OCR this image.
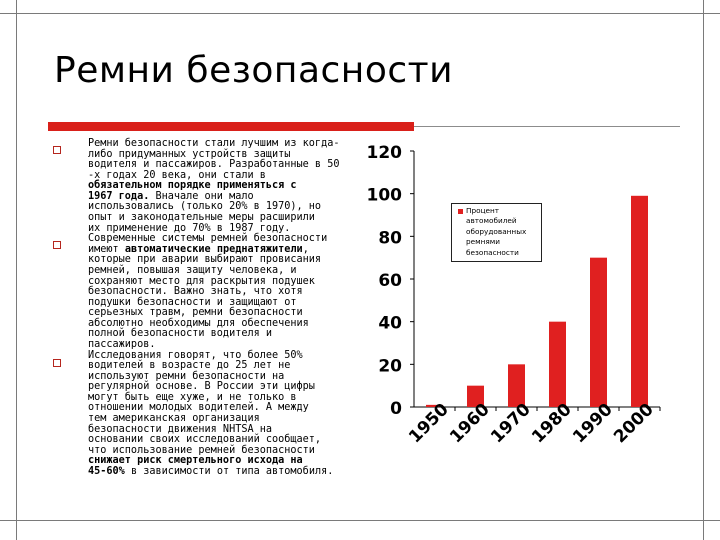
Ремни безопасности
Ремни безопасности стали лучшим из когда-
либо придуманных устройств защиты
водителя и пассажиров. Разработанные в 50
-х годах 20 века, они стали в
обязательном порядке применяться с
1967 года. Вначале они мало
использовались (только 20% в 1970), но
опыт и законодательные меры расширили
их применение до 70% в 1987 году.
Современные системы ремней безопасности
имеют автоматические преднатяжители,
которые при аварии выбирают провисания
ремней, повышая защиту человека, и
сохраняют место для раскрытия подушек
безопасности. Важно знать, что хотя
подушки безопасности и защищают от
серьезных травм, ремни безопасности
абсолютно необходимы для обеспечения
полной безопасности водителя и
пассажиров.
Исследования говорят, что более 50%
водителей в возрасте до 25 лет не
используют ремни безопасности на
регулярной основе. В России эти цифры
могут быть еще хуже, и не только в
отношении молодых водителей. А между
тем американская организация
безопасности движения NHTSA на
основании своих исследований сообщает,
что использование ремней безопасности
снижает риск смертельного исхода на
45-60% в зависимости от типа автомобиля.
0
20
40
60
80
100
120
1950
1960
1970
1980
1990
2000
Процент
автомобилей
оборудованных
ремнями
безопасности
